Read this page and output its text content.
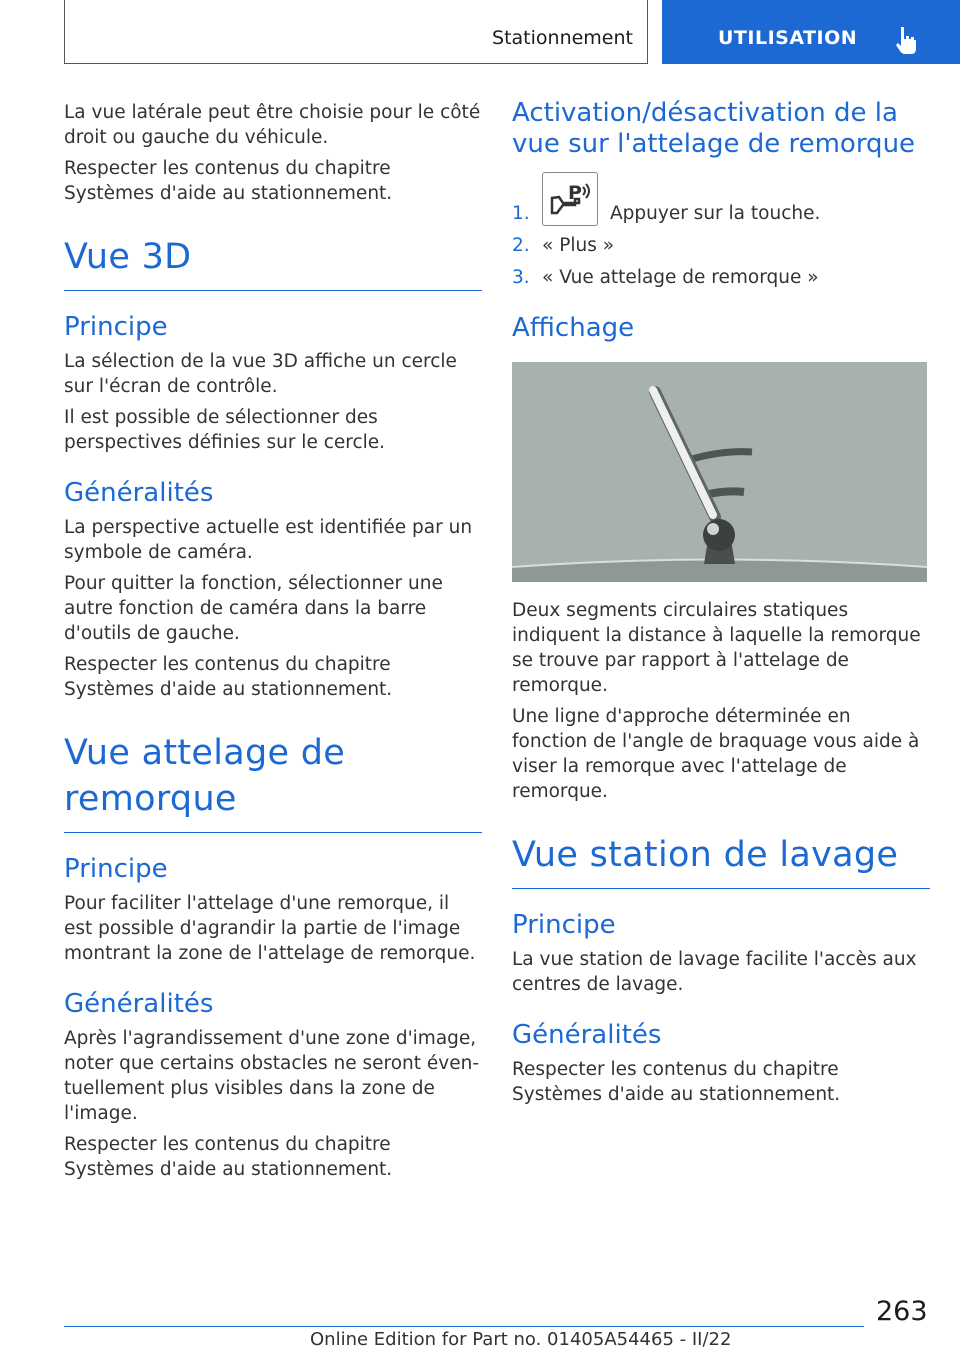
Stationnement	UTILISATION

La vue latérale peut être choisie pour le côté droit ou gauche du véhicule.

Respecter les contenus du chapitre Systèmes d'aide au stationnement.

Vue 3D
Principe

La sélection de la vue 3D affiche un cercle sur l'écran de contrôle.

Il est possible de sélectionner des perspectives définies sur le cercle.

Généralités

La perspective actuelle est identifiée par un symbole de caméra.

Pour quitter la fonction, sélectionner une autre fonction de caméra dans la barre d'outils de gauche.

Respecter les contenus du chapitre Systèmes d'aide au stationnement.

Vue attelage de remorque
Principe

Pour faciliter l'attelage d'une remorque, il est possible d'agrandir la partie de l'image montrant la zone de l'attelage de remorque.

Généralités

Après l'agrandissement d'une zone d'image, noter que certains obstacles ne seront éventuellement plus visibles dans la zone de l'image.

Respecter les contenus du chapitre Systèmes d'aide au stationnement.

Activation/désactivation de la vue sur l'attelage de remorque
1.
P
Appuyer sur la touche.
2. « Plus »
3. « Vue attelage de remorque »
Affichage

Deux segments circulaires statiques indiquent la distance à laquelle la remorque se trouve par rapport à l'attelage de remorque.

Une ligne d'approche déterminée en fonction de l'angle de braquage vous aide à viser la remorque avec l'attelage de remorque.

Vue station de lavage
Principe

La vue station de lavage facilite l'accès aux centres de lavage.

Généralités

Respecter les contenus du chapitre Systèmes d'aide au stationnement.

263
Online Edition for Part no. 01405A54465 - II/22
